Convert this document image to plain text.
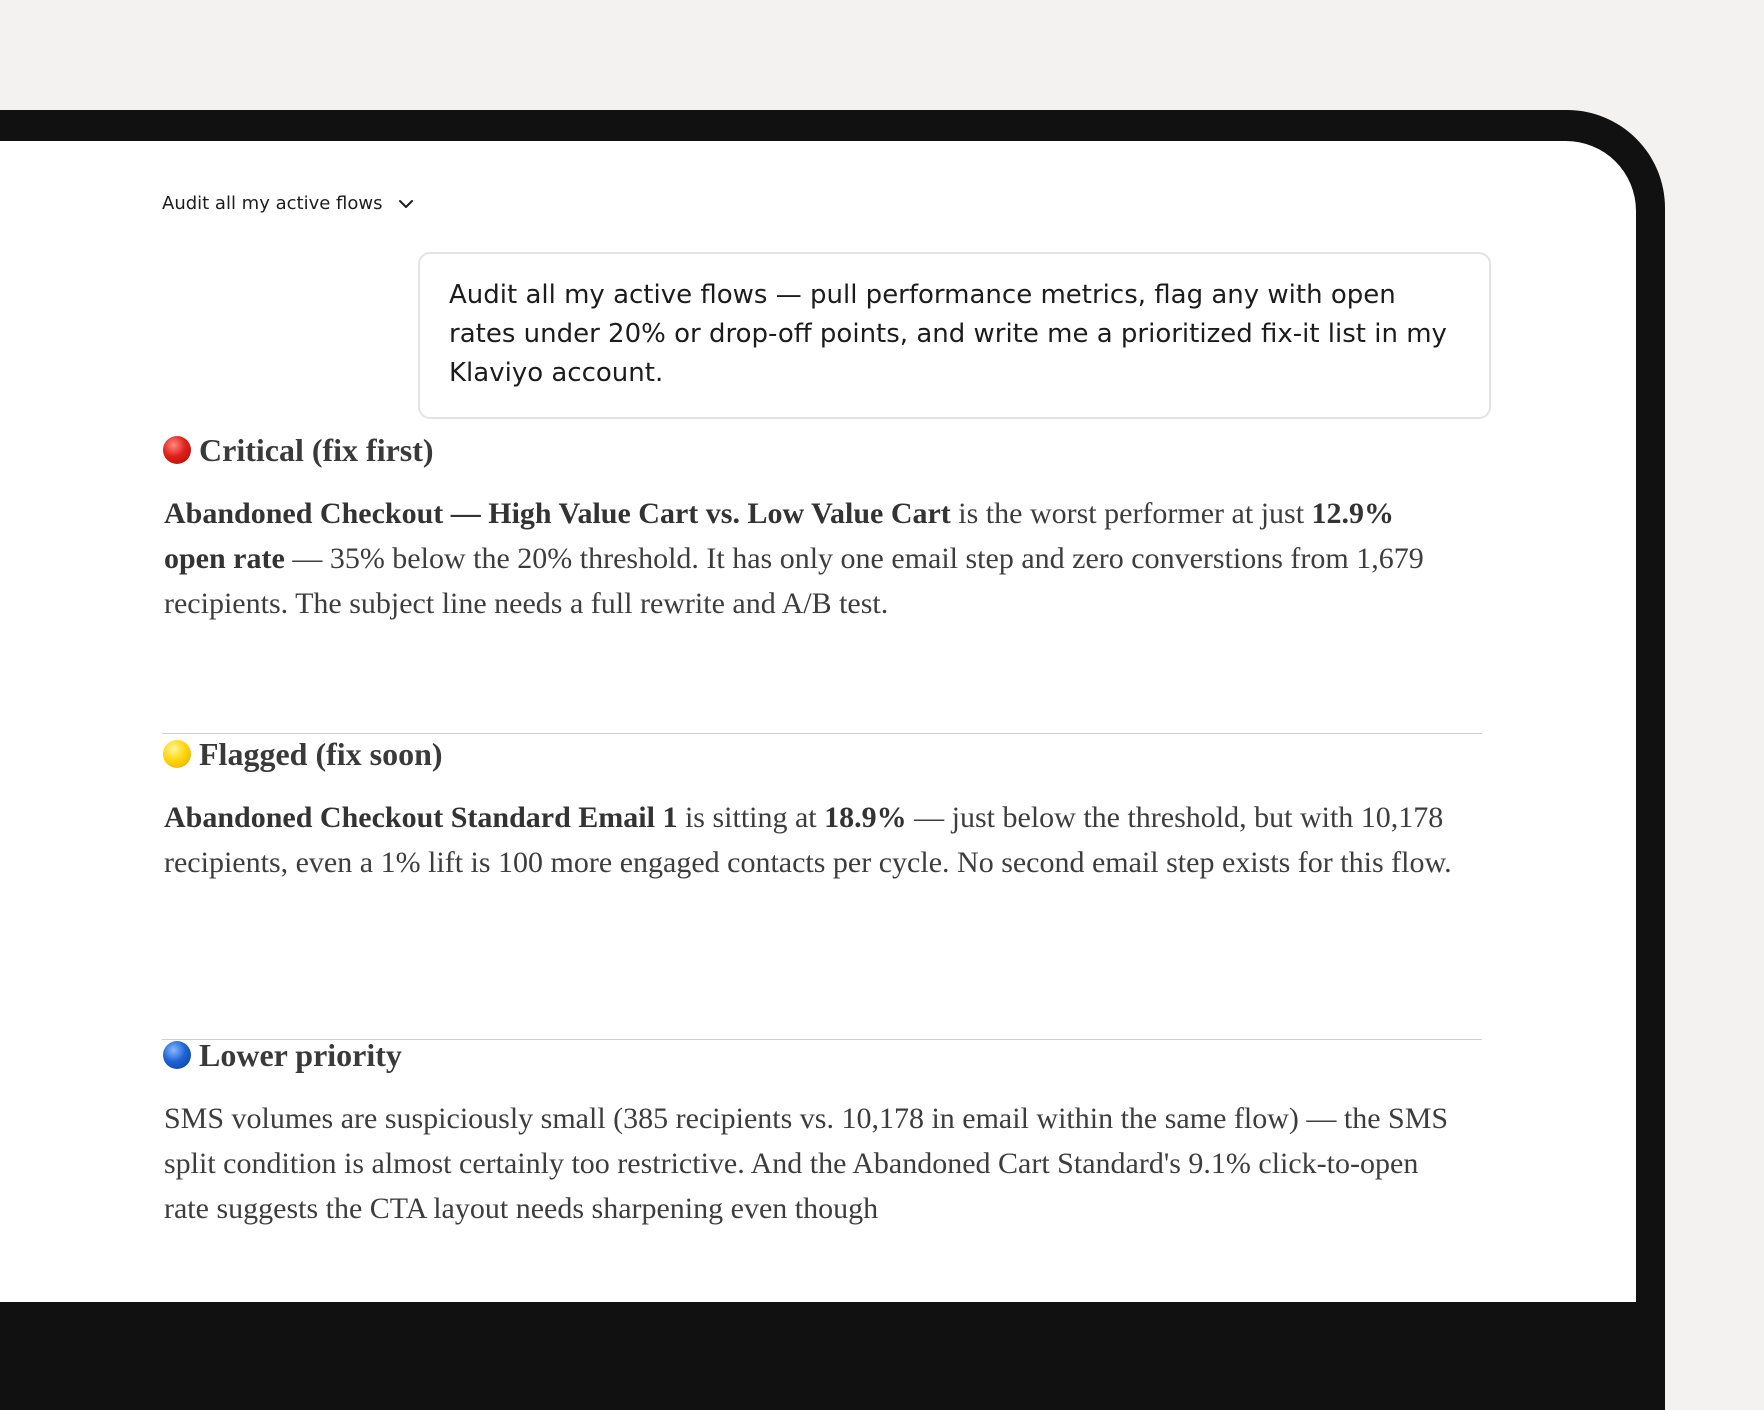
Audit all my active flows
Audit all my active flows — pull performance metrics, flag any with open rates under 20% or drop-off points, and write me a prioritized fix-it list in my Klaviyo account.
Critical (fix first)

Abandoned Checkout — High Value Cart vs. Low Value Cart is the worst performer at just 12.9% open rate — 35% below the 20% threshold. It has only one email step and zero converstions from 1,679 recipients. The subject line needs a full rewrite and A/B test.

Flagged (fix soon)

Abandoned Checkout Standard Email 1 is sitting at 18.9% — just below the threshold, but with 10,178 recipients, even a 1% lift is 100 more engaged contacts per cycle. No second email step exists for this flow.

Lower priority

SMS volumes are suspiciously small (385 recipients vs. 10,178 in email within the same flow) — the SMS split condition is almost certainly too restrictive. And the Abandoned Cart Standard's 9.1% click-to-open rate suggests the CTA layout needs sharpening even though
